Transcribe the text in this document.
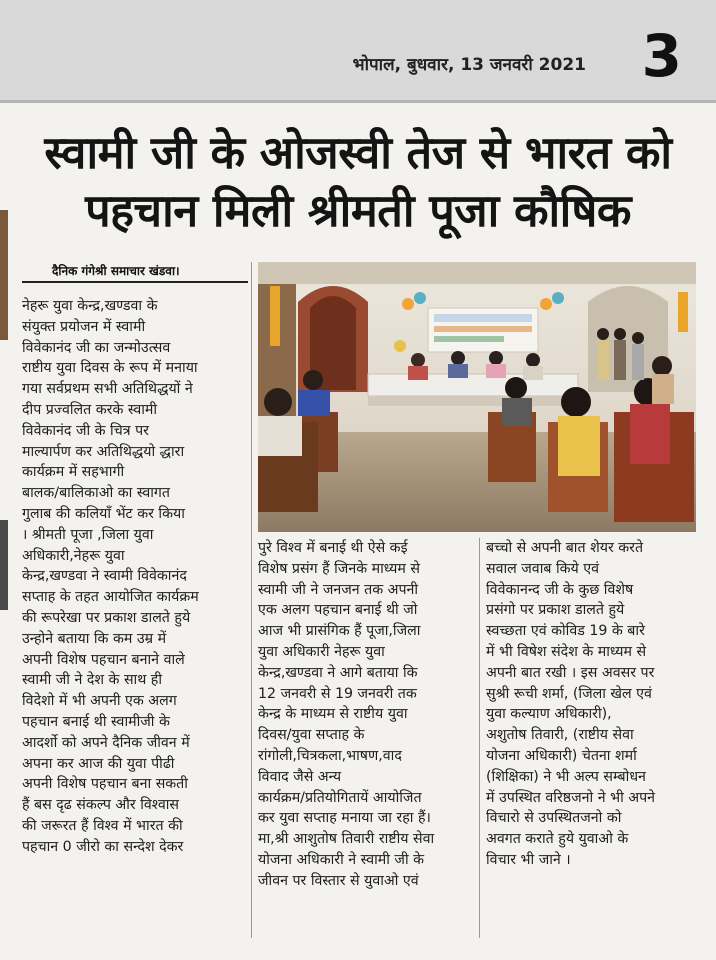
भोपाल, बुधवार, 13 जनवरी 2021 3
स्वामी जी के ओजस्वी तेज से भारत को
पहचान मिली श्रीमती पूजा कौषिक
दैनिक गंगेश्री समाचार खंडवा।
नेहरू युवा केन्द्र,खण्डवा के
संयुक्त प्रयोजन में स्वामी
विवेकानंद जी का जन्मोउत्सव
राष्टीय युवा दिवस के रूप में मनाया
गया सर्वप्रथम सभी अतिथिद्धयों ने
दीप प्रज्वलित करके स्वामी
विवेकानंद जी के चित्र पर
माल्यार्पण कर अतिथिद्धयो द्धारा
कार्यक्रम में सहभागी
बालक/बालिकाओ का स्वागत
गुलाब की कलियाँ भेंट कर किया
। श्रीमती पूजा ,जिला युवा
अधिकारी,नेहरू युवा
केन्द्र,खण्डवा ने स्वामी विवेकानंद
सप्ताह के तहत आयोजित कार्यक्रम
की रूपरेखा पर प्रकाश डालते हुये
उन्होने बताया कि कम उम्र में
अपनी विशेष पहचान बनाने वाले
स्वामी जी ने देश के साथ ही
विदेशो में भी अपनी एक अलग
पहचान बनाई थी स्वामीजी के
आदर्शो को अपने दैनिक जीवन में
अपना कर आज की युवा पीढी
अपनी विशेष पहचान बना सकती
हैं बस दृढ संकल्प और विश्वास
की जरूरत हैं विश्व में भारत की
पहचान 0 जीरो का सन्देश देकर
पुरे विश्व में बनाई थी ऐसे कई
विशेष प्रसंग हैं जिनके माध्यम से
स्वामी जी ने जनजन तक अपनी
एक अलग पहचान बनाई थी जो
आज भी प्रासंगिक हैं पूजा,जिला
युवा अधिकारी नेहरू युवा
केन्द्र,खण्डवा ने आगे बताया कि
12 जनवरी से 19 जनवरी तक
केन्द्र के माध्यम से राष्टीय युवा
दिवस/युवा सप्ताह के
रांगोली,चित्रकला,भाषण,वाद
विवाद जैसे अन्य
कार्यक्रम/प्रतियोगितायें आयोजित
कर युवा सप्ताह मनाया जा रहा हैं।
मा,श्री आशुतोष तिवारी राष्टीय सेवा
योजना अधिकारी ने स्वामी जी के
जीवन पर विस्तार से युवाओ एवं
बच्चो से अपनी बात शेयर करते
सवाल जवाब किये एवं
विवेकानन्द जी के कुछ विशेष
प्रसंगो पर प्रकाश डालते हुये
स्वच्छता एवं कोविड 19 के बारे
में भी विषेश संदेश के माध्यम से
अपनी बात रखी । इस अवसर पर
सुश्री रूची शर्मा, (जिला खेल एवं
युवा कल्याण अधिकारी),
अशुतोष तिवारी, (राष्टीय सेवा
योजना अधिकारी) चेतना शर्मा
(शिक्षिका) ने भी अल्प सम्बोधन
में उपस्थित वरिष्ठजनो ने भी अपने
विचारो से उपस्थितजनो को
अवगत कराते हुये युवाओ के
विचार भी जाने ।
